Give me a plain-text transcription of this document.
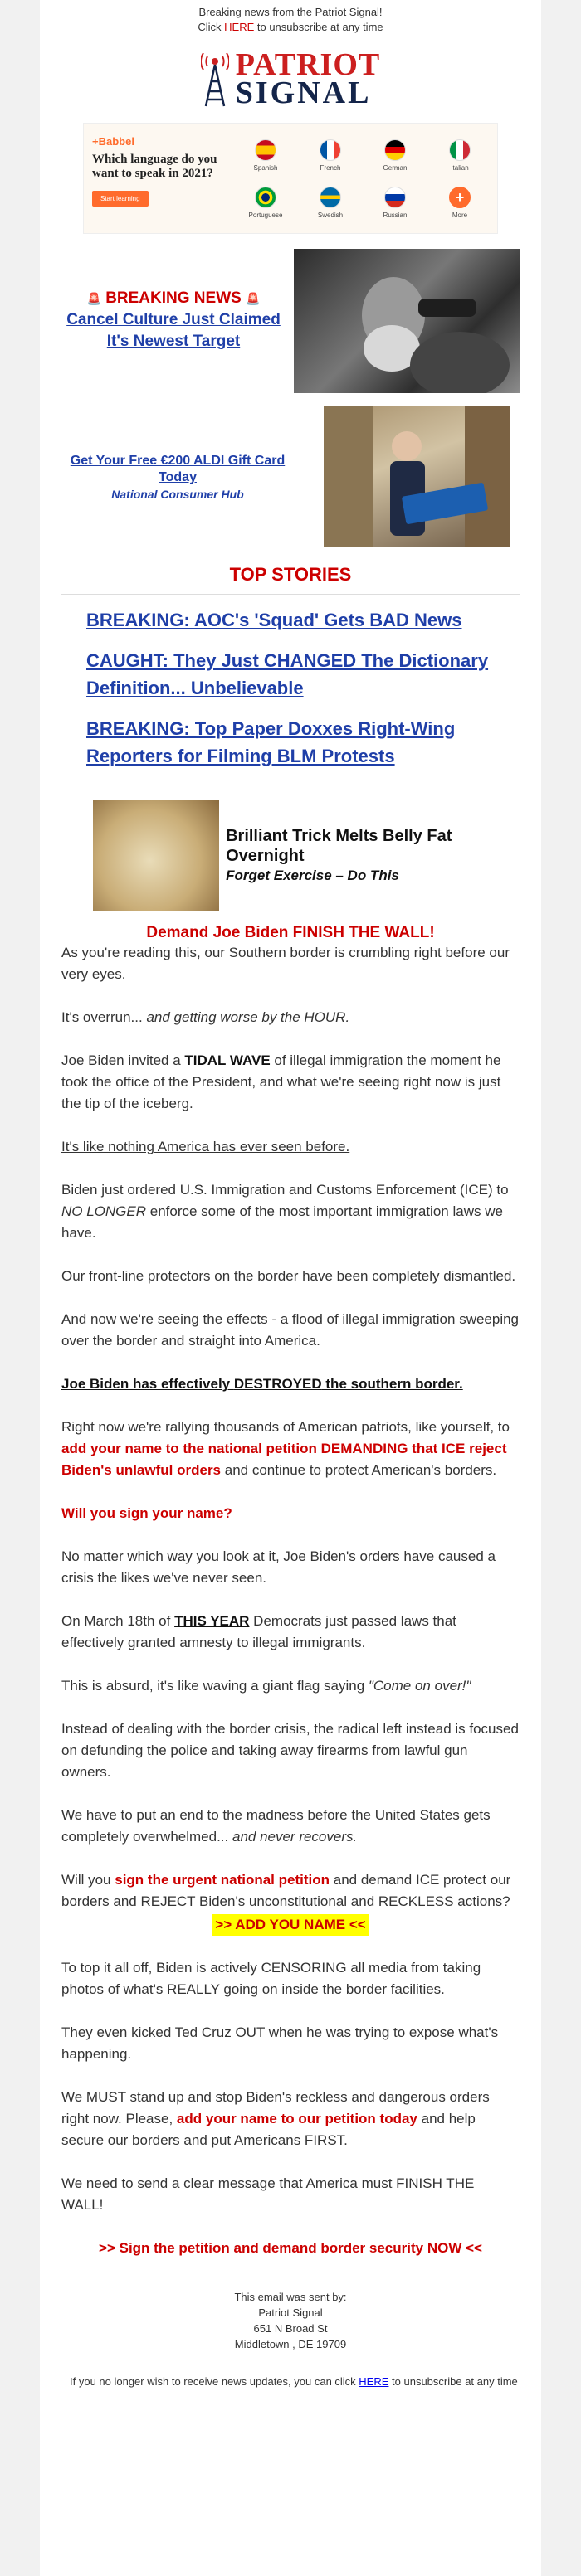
Breaking news from the Patriot Signal!
Click HERE to unsubscribe at any time
PATRIOT
SIGNAL
+Babbel
Which language do you want to speak in 2021?
Start learning
Spanish	French	German	Italian
Portuguese	Swedish	Russian
+
More
🚨 BREAKING NEWS 🚨
Cancel Culture Just Claimed It's Newest Target
Get Your Free €200 ALDI Gift Card Today
National Consumer Hub
TOP STORIES
BREAKING: AOC's 'Squad' Gets BAD News
CAUGHT: They Just CHANGED The Dictionary Definition... Unbelievable
BREAKING: Top Paper Doxxes Right-Wing Reporters for Filming BLM Protests
Brilliant Trick Melts Belly Fat Overnight
Forget Exercise – Do This
Demand Joe Biden FINISH THE WALL!

As you're reading this, our Southern border is crumbling right before our very eyes.

It's overrun... and getting worse by the HOUR.

Joe Biden invited a TIDAL WAVE of illegal immigration the moment he took the office of the President, and what we're seeing right now is just the tip of the iceberg.

It's like nothing America has ever seen before.

Biden just ordered U.S. Immigration and Customs Enforcement (ICE) to NO LONGER enforce some of the most important immigration laws we have.

Our front-line protectors on the border have been completely dismantled.

And now we're seeing the effects - a flood of illegal immigration sweeping over the border and straight into America.

Joe Biden has effectively DESTROYED the southern border.

Right now we're rallying thousands of American patriots, like yourself, to add your name to the national petition DEMANDING that ICE reject Biden's unlawful orders and continue to protect American's borders.

Will you sign your name?

No matter which way you look at it, Joe Biden's orders have caused a crisis the likes we've never seen.

On March 18th of THIS YEAR Democrats just passed laws that effectively granted amnesty to illegal immigrants.

This is absurd, it's like waving a giant flag saying "Come on over!"

Instead of dealing with the border crisis, the radical left instead is focused on defunding the police and taking away firearms from lawful gun owners.

We have to put an end to the madness before the United States gets completely overwhelmed... and never recovers.

Will you sign the urgent national petition and demand ICE protect our borders and REJECT Biden's unconstitutional and RECKLESS actions?

>> ADD YOU NAME <<

To top it all off, Biden is actively CENSORING all media from taking photos of what's REALLY going on inside the border facilities.

They even kicked Ted Cruz OUT when he was trying to expose what's happening.

We MUST stand up and stop Biden's reckless and dangerous orders right now. Please, add your name to our petition today and help secure our borders and put Americans FIRST.

We need to send a clear message that America must FINISH THE WALL!

>> Sign the petition and demand border security NOW <<

This email was sent by:
Patriot Signal
651 N Broad St
Middletown , DE 19709
If you no longer wish to receive news updates, you can click HERE to unsubscribe at any time
